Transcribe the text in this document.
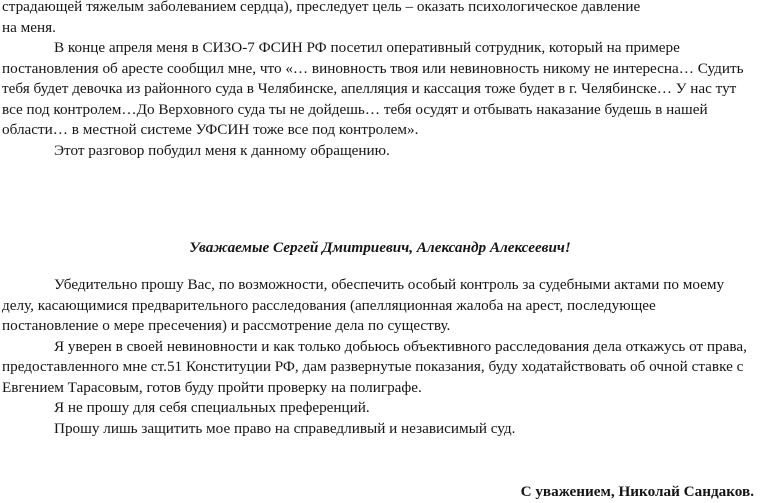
страдающей тяжелым заболеванием сердца), преследует цель – оказать психологическое давление

на меня.

В конце апреля меня в СИЗО-7 ФСИН РФ посетил оперативный сотрудник, который на примере постановления об аресте сообщил мне, что «… виновность твоя или невиновность никому не интересна… Судить тебя будет девочка из районного суда в Челябинске, апелляция и кассация тоже будет в г. Челябинске… У нас тут все под контролем…До Верховного суда ты не дойдешь… тебя осудят и отбывать наказание будешь в нашей области… в местной системе УФСИН тоже все под контролем».

Этот разговор побудил меня к данному обращению.

Уважаемые Сергей Дмитриевич, Александр Алексеевич!

Убедительно прошу Вас, по возможности, обеспечить особый контроль за судебными актами по моему делу, касающимися предварительного расследования (апелляционная жалоба на арест, последующее постановление о мере пресечения) и рассмотрение дела по существу.

Я уверен в своей невиновности и как только добьюсь объективного расследования дела откажусь от права, предоставленного мне ст.51 Конституции РФ, дам развернутые показания, буду ходатайствовать об очной ставке с Евгением Тарасовым, готов буду пройти проверку на полиграфе.

Я не прошу для себя специальных преференций.

Прошу лишь защитить мое право на справедливый и независимый суд.

С уважением, Николай Сандаков.
